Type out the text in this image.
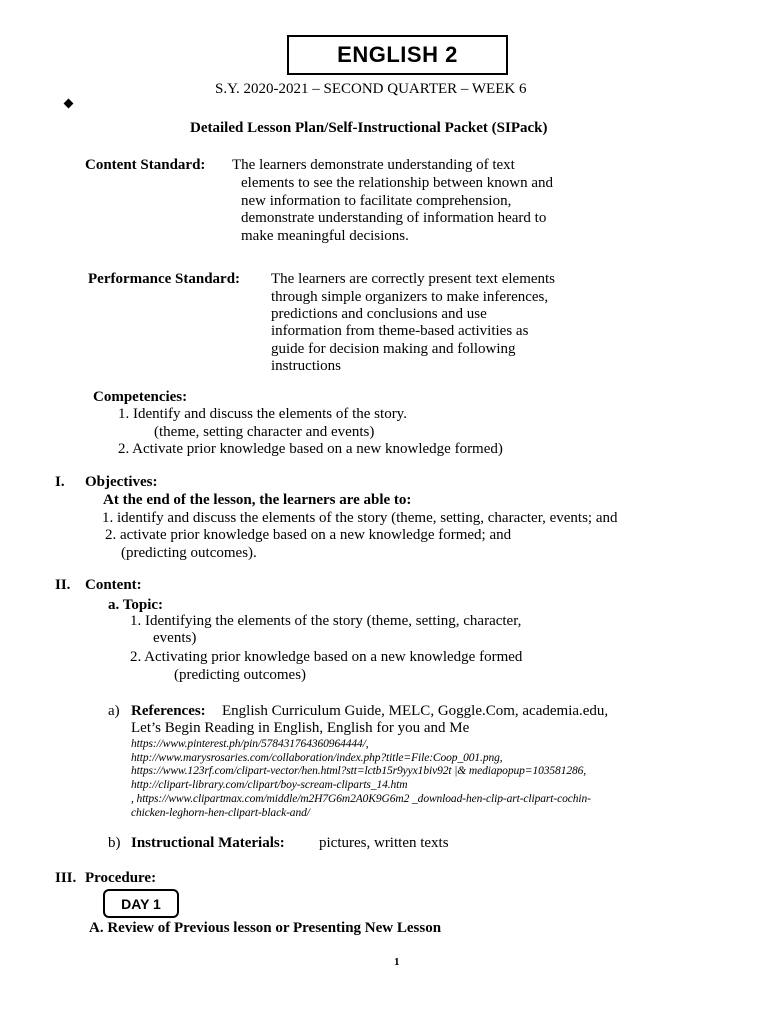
ENGLISH 2
S.Y. 2020-2021 – SECOND QUARTER – WEEK 6
Detailed Lesson Plan/Self-Instructional Packet (SIPack)
Content Standard: The learners demonstrate understanding of text
elements to see the relationship between known and
new information to facilitate comprehension,
demonstrate understanding of information heard to
make meaningful decisions.
Performance Standard: The learners are correctly present text elements
through simple organizers to make inferences,
predictions and conclusions and use
information from theme-based activities as
guide for decision making and following
instructions
Competencies:
1. Identify and discuss the elements of the story.
(theme, setting character and events)
2. Activate prior knowledge based on a new knowledge formed)
I. Objectives:
At the end of the lesson, the learners are able to:
1. identify and discuss the elements of the story (theme, setting, character, events; and
2. activate prior knowledge based on a new knowledge formed; and
(predicting outcomes).
II. Content:
a. Topic:
1. Identifying the elements of the story (theme, setting, character,
events)
2. Activating prior knowledge based on a new knowledge formed
(predicting outcomes)
a) References: English Curriculum Guide, MELC, Goggle.Com, academia.edu,
Let’s Begin Reading in English, English for you and Me
https://www.pinterest.ph/pin/578431764360964444/,
http://www.marysrosaries.com/collaboration/index.php?title=File:Coop_001.png,
https://www.123rf.com/clipart-vector/hen.html?stt=lctb15r9yyx1biv92t |& mediapopup=103581286,
http://clipart-library.com/clipart/boy-scream-cliparts_14.htm
, https://www.clipartmax.com/middle/m2H7G6m2A0K9G6m2 _download-hen-clip-art-clipart-cochin-
chicken-leghorn-hen-clipart-black-and/
b) Instructional Materials: pictures, written texts
III. Procedure:
DAY 1
A. Review of Previous lesson or Presenting New Lesson
1
